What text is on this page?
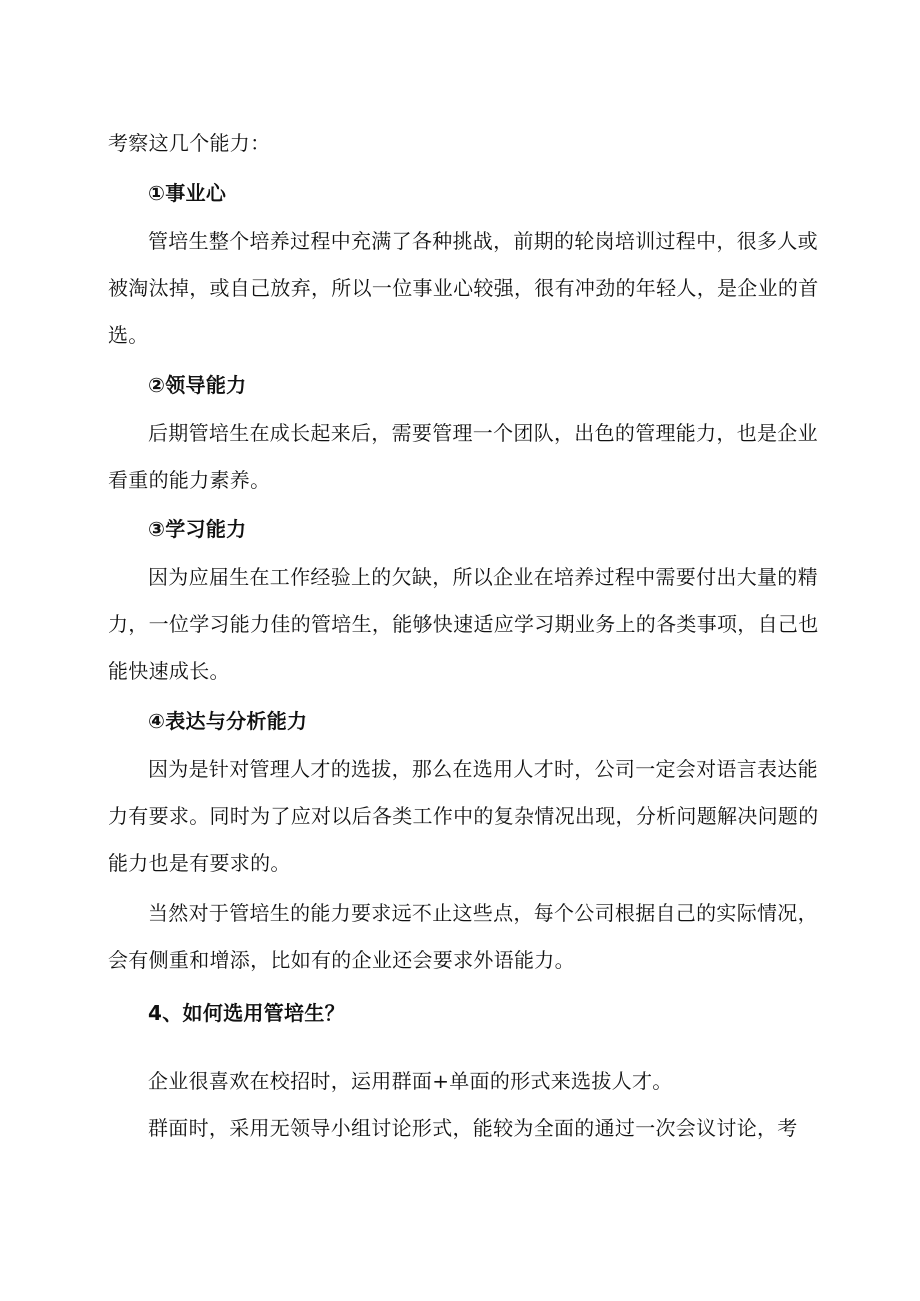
考察这几个能力：
①事业心
管培生整个培养过程中充满了各种挑战，前期的轮岗培训过程中，很多人或
被淘汰掉，或自己放弃，所以一位事业心较强，很有冲劲的年轻人，是企业的首
选。
②领导能力
后期管培生在成长起来后，需要管理一个团队，出色的管理能力，也是企业
看重的能力素养。
③学习能力
因为应届生在工作经验上的欠缺，所以企业在培养过程中需要付出大量的精
力，一位学习能力佳的管培生，能够快速适应学习期业务上的各类事项，自己也
能快速成长。
④表达与分析能力
因为是针对管理人才的选拔，那么在选用人才时，公司一定会对语言表达能
力有要求。同时为了应对以后各类工作中的复杂情况出现，分析问题解决问题的
能力也是有要求的。
当然对于管培生的能力要求远不止这些点，每个公司根据自己的实际情况，
会有侧重和增添，比如有的企业还会要求外语能力。
4、如何选用管培生？
企业很喜欢在校招时，运用群面+单面的形式来选拔人才。
群面时，采用无领导小组讨论形式，能较为全面的通过一次会议讨论，考
